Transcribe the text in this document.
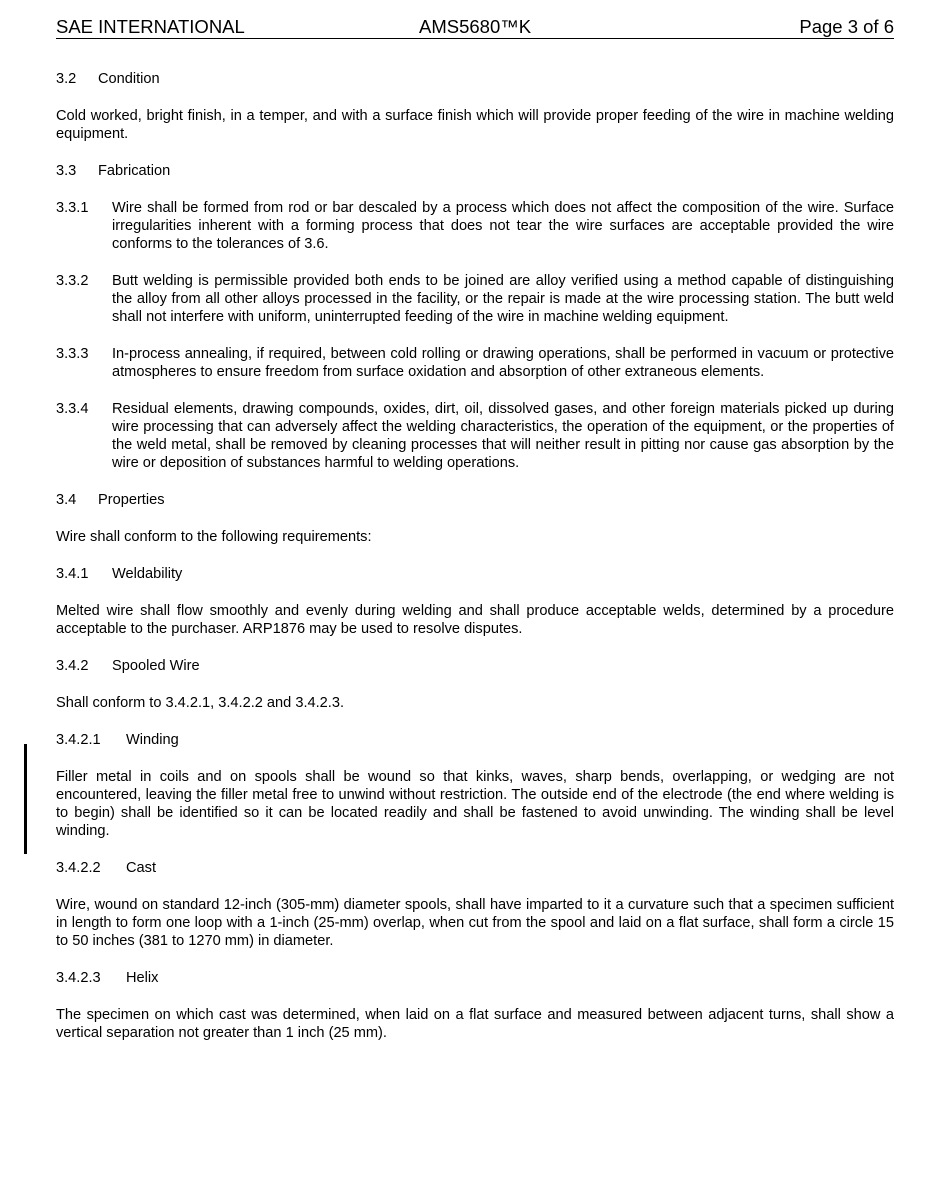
SAE INTERNATIONAL	AMS5680™K	Page 3 of 6
3.2	Condition
Cold worked, bright finish, in a temper, and with a surface finish which will provide proper feeding of the wire in machine welding equipment.
3.3	Fabrication
3.3.1	Wire shall be formed from rod or bar descaled by a process which does not affect the composition of the wire. Surface irregularities inherent with a forming process that does not tear the wire surfaces are acceptable provided the wire conforms to the tolerances of 3.6.
3.3.2	Butt welding is permissible provided both ends to be joined are alloy verified using a method capable of distinguishing the alloy from all other alloys processed in the facility, or the repair is made at the wire processing station. The butt weld shall not interfere with uniform, uninterrupted feeding of the wire in machine welding equipment.
3.3.3	In-process annealing, if required, between cold rolling or drawing operations, shall be performed in vacuum or protective atmospheres to ensure freedom from surface oxidation and absorption of other extraneous elements.
3.3.4	Residual elements, drawing compounds, oxides, dirt, oil, dissolved gases, and other foreign materials picked up during wire processing that can adversely affect the welding characteristics, the operation of the equipment, or the properties of the weld metal, shall be removed by cleaning processes that will neither result in pitting nor cause gas absorption by the wire or deposition of substances harmful to welding operations.
3.4	Properties
Wire shall conform to the following requirements:
3.4.1	Weldability
Melted wire shall flow smoothly and evenly during welding and shall produce acceptable welds, determined by a procedure acceptable to the purchaser. ARP1876 may be used to resolve disputes.
3.4.2	Spooled Wire
Shall conform to 3.4.2.1, 3.4.2.2 and 3.4.2.3.
3.4.2.1	Winding
Filler metal in coils and on spools shall be wound so that kinks, waves, sharp bends, overlapping, or wedging are not encountered, leaving the filler metal free to unwind without restriction. The outside end of the electrode (the end where welding is to begin) shall be identified so it can be located readily and shall be fastened to avoid unwinding. The winding shall be level winding.
3.4.2.2	Cast
Wire, wound on standard 12-inch (305-mm) diameter spools, shall have imparted to it a curvature such that a specimen sufficient in length to form one loop with a 1-inch (25-mm) overlap, when cut from the spool and laid on a flat surface, shall form a circle 15 to 50 inches (381 to 1270 mm) in diameter.
3.4.2.3	Helix
The specimen on which cast was determined, when laid on a flat surface and measured between adjacent turns, shall show a vertical separation not greater than 1 inch (25 mm).
